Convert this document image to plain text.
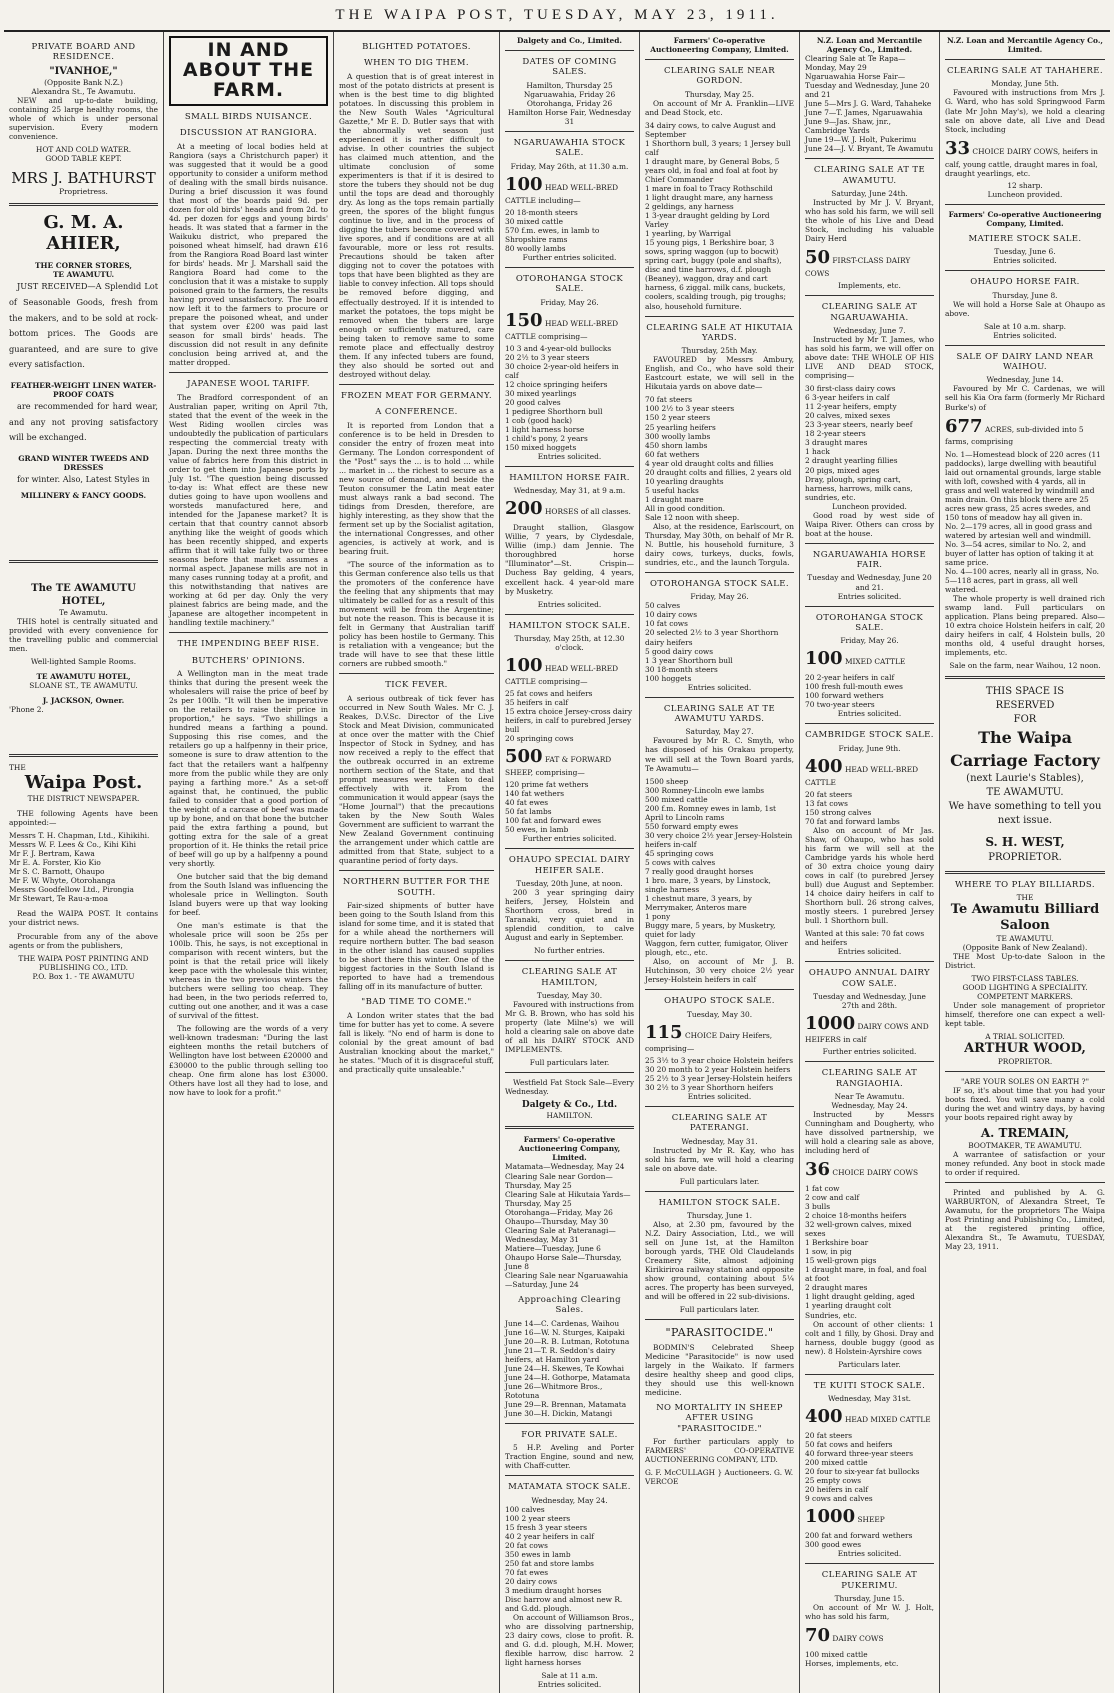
THE WAIPA POST, TUESDAY, MAY 23, 1911.
PRIVATE BOARD AND RESIDENCE.
"IVANHOE,"
(Opposite Bank N.Z.)
Alexandra St., Te Awamutu.

NEW and up-to-date building, containing 25 large healthy rooms, the whole of which is under personal supervision. Every modern convenience.

HOT AND COLD WATER.
GOOD TABLE KEPT.
MRS J. BATHURST
Proprietress.
G. M. A. AHIER,
THE CORNER STORES,
TE AWAMUTU.

JUST RECEIVED—A Splendid Lot of Seasonable Goods, fresh from the makers, and to be sold at rock-bottom prices. The Goods are guaranteed, and are sure to give every satisfaction.

FEATHER-WEIGHT LINEN WATER-PROOF COATS

are recommended for hard wear, and any not proving satisfactory will be exchanged.

GRAND WINTER TWEEDS AND DRESSES

for winter. Also, Latest Styles in

MILLINERY & FANCY GOODS.
The TE AWAMUTU HOTEL,
Te Awamutu.

THIS hotel is centrally situated and provided with every convenience for the travelling public and commercial men.

Well-lighted Sample Rooms.
TE AWAMUTU HOTEL,
SLOANE ST., TE AWAMUTU.
J. JACKSON, Owner.
'Phone 2.
THE
Waipa Post.
THE DISTRICT NEWSPAPER.

THE following Agents have been appointed:—

Messrs T. H. Chapman, Ltd., Kihikihi.
Messrs W. F. Lees & Co., Kihi Kihi
Mr F. J. Bertram, Kawa
Mr E. A. Forster, Kio Kio
Mr S. C. Barnott, Ohaupo
Mr F. W. Whyte, Otorohanga
Messrs Goodfellow Ltd., Pirongia
Mr Stewart, Te Rau-a-moa

Read the WAIPA POST. It contains your district news.

Procurable from any of the above agents or from the publishers,

THE WAIPA POST PRINTING AND PUBLISHING CO., LTD.
P.O. Box 1. - TE AWAMUTU
IN AND ABOUT THE FARM.
SMALL BIRDS NUISANCE.
DISCUSSION AT RANGIORA.

At a meeting of local bodies held at Rangiora (says a Christchurch paper) it was suggested that it would be a good opportunity to consider a uniform method of dealing with the small birds nuisance. During a brief discussion it was found that most of the boards paid 9d. per dozen for old birds' heads and from 2d. to 4d. per dozen for eggs and young birds' heads. It was stated that a farmer in the Waikuku district, who prepared the poisoned wheat himself, had drawn £16 from the Rangiora Road Board last winter for birds' heads. Mr J. Marshall said the Rangiora Board had come to the conclusion that it was a mistake to supply poisoned grain to the farmers, the results having proved unsatisfactory. The board now left it to the farmers to procure or prepare the poisoned wheat, and under that system over £200 was paid last season for small birds' heads. The discussion did not result in any definite conclusion being arrived at, and the matter dropped.

JAPANESE WOOL TARIFF.

The Bradford correspondent of an Australian paper, writing on April 7th, stated that the event of the week in the West Riding woollen circles was undoubtedly the publication of particulars respecting the commercial treaty with Japan. During the next three months the value of fabrics here from this district in order to get them into Japanese ports by July 1st. "The question being discussed to-day is: What effect are these new duties going to have upon woollens and worsteds manufactured here, and intended for the Japanese market? It is certain that that country cannot absorb anything like the weight of goods which has been recently shipped, and experts affirm that it will take fully two or three seasons before that market assumes a normal aspect. Japanese mills are not in many cases running today at a profit, and this notwithstanding that natives are working at 6d per day. Only the very plainest fabrics are being made, and the Japanese are altogether incompetent in handling textile machinery."

THE IMPENDING BEEF RISE.
BUTCHERS' OPINIONS.

A Wellington man in the meat trade thinks that during the present week the wholesalers will raise the price of beef by 2s per 100lb. "It will then be imperative on the retailers to raise their price in proportion," he says. "Two shillings a hundred means a farthing a pound. Supposing this rise comes, and the retailers go up a halfpenny in their price, someone is sure to draw attention to the fact that the retailers want a halfpenny more from the public while they are only paying a farthing more." As a set-off against that, he continued, the public failed to consider that a good portion of the weight of a carcase of beef was made up by bone, and on that bone the butcher paid the extra farthing a pound, but gotting extra for the sale of a great proportion of it. He thinks the retail price of beef will go up by a halfpenny a pound very shortly.

One butcher said that the big demand from the South Island was influencing the wholesale price in Wellington. South Island buyers were up that way looking for beef.

One man's estimate is that the wholesale price will soon be 25s per 100lb. This, he says, is not exceptional in comparison with recent winters, but the point is that the retail price will likely keep pace with the wholesale this winter, whereas in the two previous winters the butchers were selling too cheap. They had been, in the two periods referred to, cutting out one another, and it was a case of survival of the fittest.

The following are the words of a very well-known tradesman: "During the last eighteen months the retail butchers of Wellington have lost between £20000 and £30000 to the public through selling too cheap. One firm alone has lost £3000. Others have lost all they had to lose, and now have to look for a profit."

BLIGHTED POTATOES.
WHEN TO DIG THEM.

A question that is of great interest in most of the potato districts at present is when is the best time to dig blighted potatoes. In discussing this problem in the New South Wales "Agricultural Gazette," Mr E. D. Butler says that with the abnormally wet season just experienced it is rather difficult to advise. In other countries the subject has claimed much attention, and the ultimate conclusion of some experimenters is that if it is desired to store the tubers they should not be dug until the tops are dead and thoroughly dry. As long as the tops remain partially green, the spores of the blight fungus continue to live, and in the process of digging the tubers become covered with live spores, and if conditions are at all favourable, more or less rot results. Precautions should be taken after digging not to cover the potatoes with tops that have been blighted as they are liable to convey infection. All tops should be removed before digging, and effectually destroyed. If it is intended to market the potatoes, the tops might be removed when the tubers are large enough or sufficiently matured, care being taken to remove same to some remote place and effectually destroy them. If any infected tubers are found, they also should be sorted out and destroyed without delay.

FROZEN MEAT FOR GERMANY.
A CONFERENCE.

It is reported from London that a conference is to be held in Dresden to consider the entry of frozen meat into Germany. The London correspondent of the "Post" says the ... is to hold ... while ... market in ... the richest to secure as a new source of demand, and beside the Teuton consumer the Latin meat eater must always rank a bad second. The tidings from Dresden, therefore, are highly interesting, as they show that the ferment set up by the Socialist agitation, the international Congresses, and other agencies, is actively at work, and is bearing fruit.

"The source of the information as to this German conference also tells us that the promoters of the conference have the feeling that any shipments that may ultimately be called for as a result of this movement will be from the Argentine; but note the reason. This is because it is felt in Germany that Australian tariff policy has been hostile to Germany. This is retaliation with a vengeance; but the trade will have to see that these little corners are rubbed smooth."

TICK FEVER.

A serious outbreak of tick fever has occurred in New South Wales. Mr C. J. Reakes, D.V.Sc. Director of the Live Stock and Meat Division, communicated at once over the matter with the Chief Inspector of Stock in Sydney, and has now received a reply to the effect that the outbreak occurred in an extreme northern section of the State, and that prompt measures were taken to deal effectively with it. From the communication it would appear (says the "Home Journal") that the precautions taken by the New South Wales Government are sufficient to warrant the New Zealand Government continuing the arrangement under which cattle are admitted from that State, subject to a quarantine period of forty days.

NORTHERN BUTTER FOR THE SOUTH.

Fair-sized shipments of butter have been going to the South Island from this island for some time, and it is stated that for a while ahead the northerners will require northern butter. The bad season in the other island has caused supplies to be short there this winter. One of the biggest factories in the South Island is reported to have had a tremendous falling off in its manufacture of butter.

"BAD TIME TO COME."

A London writer states that the bad time for butter has yet to come. A severe fall is likely. "No end of harm is done to colonial by the great amount of bad Australian knocking about the market," he states. "Much of it is disgraceful stuff, and practically quite unsaleable."

Dalgety and Co., Limited.
DATES OF COMING SALES.
Hamilton, Thursday 25
Ngaruawahia, Friday 26
Otorohanga, Friday 26
Hamilton Horse Fair, Wednesday 31
NGARUAWAHIA STOCK SALE.
Friday, May 26th, at 11.30 a.m.
100 HEAD WELL-BRED CATTLE including—
20 18-month steers
30 mixed cattle
570 f.m. ewes, in lamb to Shropshire rams
80 woolly lambs
Further entries solicited.
OTOROHANGA STOCK SALE.
Friday, May 26.
150 HEAD WELL-BRED CATTLE comprising—
10 3 and 4-year-old bullocks
20 2½ to 3 year steers
30 choice 2-year-old heifers in calf
12 choice springing heifers
30 mixed yearlings
20 good calves
1 pedigree Shorthorn bull
1 cob (good hack)
1 light harness horse
1 child's pony, 2 years
150 mixed hoggets
Entries solicited.
HAMILTON HORSE FAIR.
Wednesday, May 31, at 9 a.m.
200 HORSES of all classes.

Draught stallion, Glasgow Willie, 7 years, by Clydesdale, Willie (imp.) dam Jennie. The thoroughbred horse "Illuminator"—St. Crispin—Duchess Bay gelding, 4 years, excellent hack. 4 year-old mare by Musketry.

Entries solicited.
HAMILTON STOCK SALE.
Thursday, May 25th, at 12.30 o'clock.
100 HEAD WELL-BRED CATTLE comprising—
25 fat cows and heifers
35 heifers in calf
15 extra choice Jersey-cross dairy heifers, in calf to purebred Jersey bull
20 springing cows
500 FAT & FORWARD SHEEP, comprising—
120 prime fat wethers
140 fat wethers
40 fat ewes
50 fat lambs
100 fat and forward ewes
50 ewes, in lamb
Further entries solicited.
OHAUPO SPECIAL DAIRY HEIFER SALE.
Tuesday, 20th June, at noon.

200 3 year springing dairy heifers, Jersey, Holstein and Shorthorn cross, bred in Taranaki, very quiet and in splendid condition, to calve August and early in September.

No further entries.
CLEARING SALE AT HAMILTON,
Tuesday, May 30.

Favoured with instructions from Mr G. B. Brown, who has sold his property (late Milne's) we will hold a clearing sale on above date of all his DAIRY STOCK AND IMPLEMENTS.

Full particulars later.

Westfield Fat Stock Sale—Every Wednesday.

Dalgety & Co., Ltd.
HAMILTON.
Farmers' Co-operative Auctioneering Company, Limited.
Matamata—Wednesday, May 24
Clearing Sale near Gordon—Thursday, May 25
Clearing Sale at Hikutaia Yards—Thursday, May 25
Otorohanga—Friday, May 26
Ohaupo—Thursday, May 30
Clearing Sale at Pateranagi—Wednesday, May 31
Matiere—Tuesday, June 6
Ohaupo Horse Sale—Thursday, June 8
Clearing Sale near Ngaruawahia—Saturday, June 24
Approaching Clearing Sales.
June 14—C. Cardenas, Waihou
June 16—W. N. Sturges, Kaipaki
June 20—R. B. Lutman, Rototuna
June 21—T. R. Seddon's dairy heifers, at Hamilton yard
June 24—H. Skewes, Te Kowhai
June 24—H. Gothorpe, Matamata
June 26—Whitmore Bros., Rototuna
June 29—R. Brennan, Matamata
June 30—H. Dickin, Matangi
FOR PRIVATE SALE.

5 H.P. Aveling and Porter Traction Engine, sound and new, with Chaff-cutter.

MATAMATA STOCK SALE.
Wednesday, May 24.
100 calves
100 2 year steers
15 fresh 3 year steers
40 2 year heifers in calf
20 fat cows
350 ewes in lamb
250 fat and store lambs
70 fat ewes
20 dairy cows
3 medium draught horses
Disc harrow and almost new R. and G.dd. plough.

On account of Williamson Bros., who are dissolving partnership, 23 dairy cows, close to profit. R. and G. d.d. plough, M.H. Mower, flexible harrow, disc harrow. 2 light harness horses

Sale at 11 a.m.
Entries solicited.
Farmers' Co-operative Auctioneering Company, Limited.
CLEARING SALE NEAR GORDON.
Thursday, May 25.

On account of Mr A. Franklin—LIVE and Dead Stock, etc.

34 dairy cows, to calve August and September
1 Shorthorn bull, 3 years; 1 Jersey bull calf
1 draught mare, by General Bobs, 5 years old, in foal and foal at foot by Chief Commander
1 mare in foal to Tracy Rothschild
1 light draught mare, any harness
2 geldings, any harness
1 3-year draught gelding by Lord Varley
1 yearling, by Warrigal
15 young pigs, 1 Berkshire boar, 3 sows, spring waggon (up to bocwit) spring cart, buggy (pole and shafts), disc and tine harrows, d.f. plough (Beaney), waggon, dray and cart harness, 6 ziggal. milk cans, buckets, coolers, scalding trough, pig troughs; also, household furniture.
CLEARING SALE AT HIKUTAIA YARDS.
Thursday, 25th May.

FAVOURED by Messrs Ambury, English, and Co., who have sold their Eastcourt estate, we will sell in the Hikutaia yards on above date—

70 fat steers
100 2½ to 3 year steers
150 2 year steers
25 yearling heifers
300 woolly lambs
450 shorn lambs
60 fat wethers
4 year old draught colts and fillies
20 draught colts and fillies, 2 years old
10 yearling draughts
5 useful hacks
1 draught mare
All in good condition.
Sale 12 noon with sheep.

Also, at the residence, Earlscourt, on Thursday, May 30th, on behalf of Mr R. N. Buttle, his household furniture, 3 dairy cows, turkeys, ducks, fowls, sundries, etc., and the launch Torgula.

OTOROHANGA STOCK SALE.
Friday, May 26.
50 calves
10 dairy cows
10 fat cows
20 selected 2½ to 3 year Shorthorn dairy heifers
5 good dairy cows
1 3 year Shorthorn bull
30 18-month steers
100 hoggets
Entries solicited.
CLEARING SALE AT TE AWAMUTU YARDS.
Saturday, May 27.

Favoured by Mr R. C. Smyth, who has disposed of his Orakau property, we will sell at the Town Board yards, Te Awamutu—

1500 sheep
300 Romney-Lincoln ewe lambs
500 mixed cattle
200 f.m. Romney ewes in lamb, 1st April to Lincoln rams
550 forward empty ewes
30 very choice 2½ year Jersey-Holstein heifers in-calf
45 springing cows
5 cows with calves
7 really good draught horses
1 bro. mare, 3 years, by Linstock, single harness
1 chestnut mare, 3 years, by Merrymaker, Anteros mare
1 pony
Buggy mare, 5 years, by Musketry, quiet for lady
Waggon, fern cutter, fumigator, Oliver plough, etc., etc.

Also, on account of Mr J. B. Hutchinson, 30 very choice 2½ year Jersey-Holstein heifers in calf

OHAUPO STOCK SALE.
Tuesday, May 30.
115 CHOICE Dairy Heifers, comprising—
25 3½ to 3 year choice Holstein heifers
30 20 month to 2 year Holstein heifers
25 2½ to 3 year Jersey-Holstein heifers
30 2½ to 3 year Shorthorn heifers
Entries solicited.
CLEARING SALE AT PATERANGI.
Wednesday, May 31.

Instructed by Mr R. Kay, who has sold his farm, we will hold a clearing sale on above date.

Full particulars later.
HAMILTON STOCK SALE.
Thursday, June 1.

Also, at 2.30 pm, favoured by the N.Z. Dairy Association, Ltd., we will sell on June 1st, at the Hamilton borough yards, THE Old Claudelands Creamery Site, almost adjoining Kirikiriroa railway station and opposite show ground, containing about 5¼ acres. The property has been surveyed, and will be offered in 22 sub-divisions.

Full particulars later.
"PARASITOCIDE."

BODMIN'S Celebrated Sheep Medicine "Parasitocide" is now used largely in the Waikato. If farmers desire healthy sheep and good clips, they should use this well-known medicine.

NO MORTALITY IN SHEEP AFTER USING "PARASITOCIDE."

For further particulars apply to FARMERS' CO-OPERATIVE AUCTIONEERING COMPANY, LTD.

G. F. McCULLAGH } Auctioneers. G. W. VERCOE
N.Z. Loan and Mercantile Agency Co., Limited.
Clearing Sale at Te Rapa—Monday, May 29
Ngaruawahia Horse Fair—Tuesday and Wednesday, June 20 and 21
June 5—Mrs J. G. Ward, Tahaheke
June 7—T. James, Ngaruawahia
June 9—Jas. Shaw, jnr., Cambridge Yards
June 19—W. J. Holt, Pukerimu
June 24—J. V. Bryant, Te Awamutu
CLEARING SALE AT TE AWAMUTU.
Saturday, June 24th.

Instructed by Mr J. V. Bryant, who has sold his farm, we will sell the whole of his Live and Dead Stock, including his valuable Dairy Herd

50 FIRST-CLASS DAIRY COWS
Implements, etc.
CLEARING SALE AT NGARUAWAHIA.
Wednesday, June 7.

Instructed by Mr T. James, who has sold his farm, we will offer on above date: THE WHOLE OF HIS LIVE AND DEAD STOCK, comprising—

30 first-class dairy cows
6 3-year heifers in calf
11 2-year heifers, empty
20 calves, mixed sexes
23 3-year steers, nearly beef
18 2-year steers
3 draught mares
1 hack
2 draught yearling fillies
20 pigs, mixed ages
Dray, plough, spring cart, harness, harrows, milk cans, sundries, etc.
Luncheon provided.

Good road by west side of Waipa River. Others can cross by boat at the house.

NGARUAWAHIA HORSE FAIR.
Tuesday and Wednesday, June 20 and 21.
Entries solicited.
OTOROHANGA STOCK SALE.
Friday, May 26.
100 MIXED CATTLE
20 2-year heifers in calf
100 fresh full-mouth ewes
100 forward wethers
70 two-year steers
Entries solicited.
CAMBRIDGE STOCK SALE.
Friday, June 9th.
400 HEAD WELL-BRED CATTLE
20 fat steers
13 fat cows
150 strong calves
70 fat and forward lambs

Also on account of Mr Jas. Shaw, of Ohaupo, who has sold his farm we will sell at the Cambridge yards his whole herd of 30 extra choice young dairy cows in calf (to purebred Jersey bull) due August and September. 14 choice dairy heifers in calf to Shorthorn bull. 26 strong calves, mostly steers. 1 purebred Jersey bull. 1 Shorthorn bull.

Wanted at this sale: 70 fat cows and heifers
Entries solicited.
OHAUPO ANNUAL DAIRY COW SALE.
Tuesday and Wednesday, June 27th and 28th.
1000 DAIRY COWS AND HEIFERS in calf
Further entries solicited.
CLEARING SALE AT RANGIAOHIA.
Near Te Awamutu.
Wednesday, May 24.

Instructed by Messrs Cunningham and Dougherty, who have dissolved partnership, we will hold a clearing sale as above, including herd of

36 CHOICE DAIRY COWS
1 fat cow
2 cow and calf
3 bulls
2 choice 18-months heifers
32 well-grown calves, mixed sexes
1 Berkshire boar
1 sow, in pig
15 well-grown pigs
1 draught mare, in foal, and foal at foot
2 draught mares
1 light draught gelding, aged
1 yearling draught colt
Sundries, etc.

On account of other clients: 1 colt and 1 filly, by Ghosi. Dray and harness, double buggy (good as new). 8 Holstein-Ayrshire cows

Particulars later.
TE KUITI STOCK SALE.
Wednesday, May 31st.
400 HEAD MIXED CATTLE
20 fat steers
50 fat cows and heifers
40 forward three-year steers
200 mixed cattle
20 four to six-year fat bullocks
25 empty cows
20 heifers in calf
9 cows and calves
1000 SHEEP
200 fat and forward wethers
300 good ewes
Entries solicited.
CLEARING SALE AT PUKERIMU.
Thursday, June 15.

On account of Mr W. J. Holt, who has sold his farm,

70 DAIRY COWS
100 mixed cattle
Horses, implements, etc.
N.Z. Loan and Mercantile Agency Co., Limited.
CLEARING SALE AT TAHAHERE.
Monday, June 5th.

Favoured with instructions from Mrs J. G. Ward, who has sold Springwood Farm (late Mr John May's), we hold a clearing sale on above date, all Live and Dead Stock, including

33 CHOICE DAIRY COWS, heifers in calf, young cattle, draught mares in foal, draught yearlings, etc.
12 sharp.
Luncheon provided.
Farmers' Co-operative Auctioneering Company, Limited.
MATIERE STOCK SALE.
Tuesday, June 6.
Entries solicited.
OHAUPO HORSE FAIR.
Thursday, June 8.

We will hold a Horse Sale at Ohaupo as above.

Sale at 10 a.m. sharp.
Entries solicited.
SALE OF DAIRY LAND NEAR WAIHOU.
Wednesday, June 14.

Favoured by Mr C. Cardenas, we will sell his Kia Ora farm (formerly Mr Richard Burke's) of

677 ACRES, sub-divided into 5 farms, comprising
No. 1—Homestead block of 220 acres (11 paddocks), large dwelling with beautiful laid out ornamental grounds, large stable with loft, cowshed with 4 yards, all in grass and well watered by windmill and main drain. On this block there are 25 acres new grass, 25 acres swedes, and 150 tons of meadow hay all given in.
No. 2—179 acres, all in good grass and watered by artesian well and windmill.
No. 3—54 acres, similar to No. 2, and buyer of latter has option of taking it at same price.
No. 4—100 acres, nearly all in grass, No. 5—118 acres, part in grass, all well watered.

The whole property is well drained rich swamp land. Full particulars on application. Plans being prepared. Also—10 extra choice Holstein heifers in calf, 20 dairy heifers in calf, 4 Holstein bulls, 20 months old, 4 useful draught horses, implements, etc.

Sale on the farm, near Waihou, 12 noon.
THIS SPACE IS
RESERVED
FOR
The Waipa
Carriage Factory
(next Laurie's Stables),
TE AWAMUTU.
We have something to tell you next issue.
S. H. WEST,
PROPRIETOR.
WHERE TO PLAY BILLIARDS.
THE
Te Awamutu Billiard Saloon
TE AWAMUTU.
(Opposite Bank of New Zealand).

THE Most Up-to-date Saloon in the District.

TWO FIRST-CLASS TABLES.
GOOD LIGHTING A SPECIALITY.
COMPETENT MARKERS.

Under sole management of proprietor himself, therefore one can expect a well-kept table.

A TRIAL SOLICITED.
ARTHUR WOOD,
PROPRIETOR.
"ARE YOUR SOLES ON EARTH ?"

IF so, it's about time that you had your boots fixed. You will save many a cold during the wet and wintry days, by having your boots repaired right away by

A. TREMAIN,
BOOTMAKER, TE AWAMUTU.

A warrantee of satisfaction or your money refunded. Any boot in stock made to order if required.

Printed and published by A. G. WARBURTON, of Alexandra Street, Te Awamutu, for the proprietors The Waipa Post Printing and Publishing Co., Limited, at the registered printing office, Alexandra St., Te Awamutu, TUESDAY, May 23, 1911.
